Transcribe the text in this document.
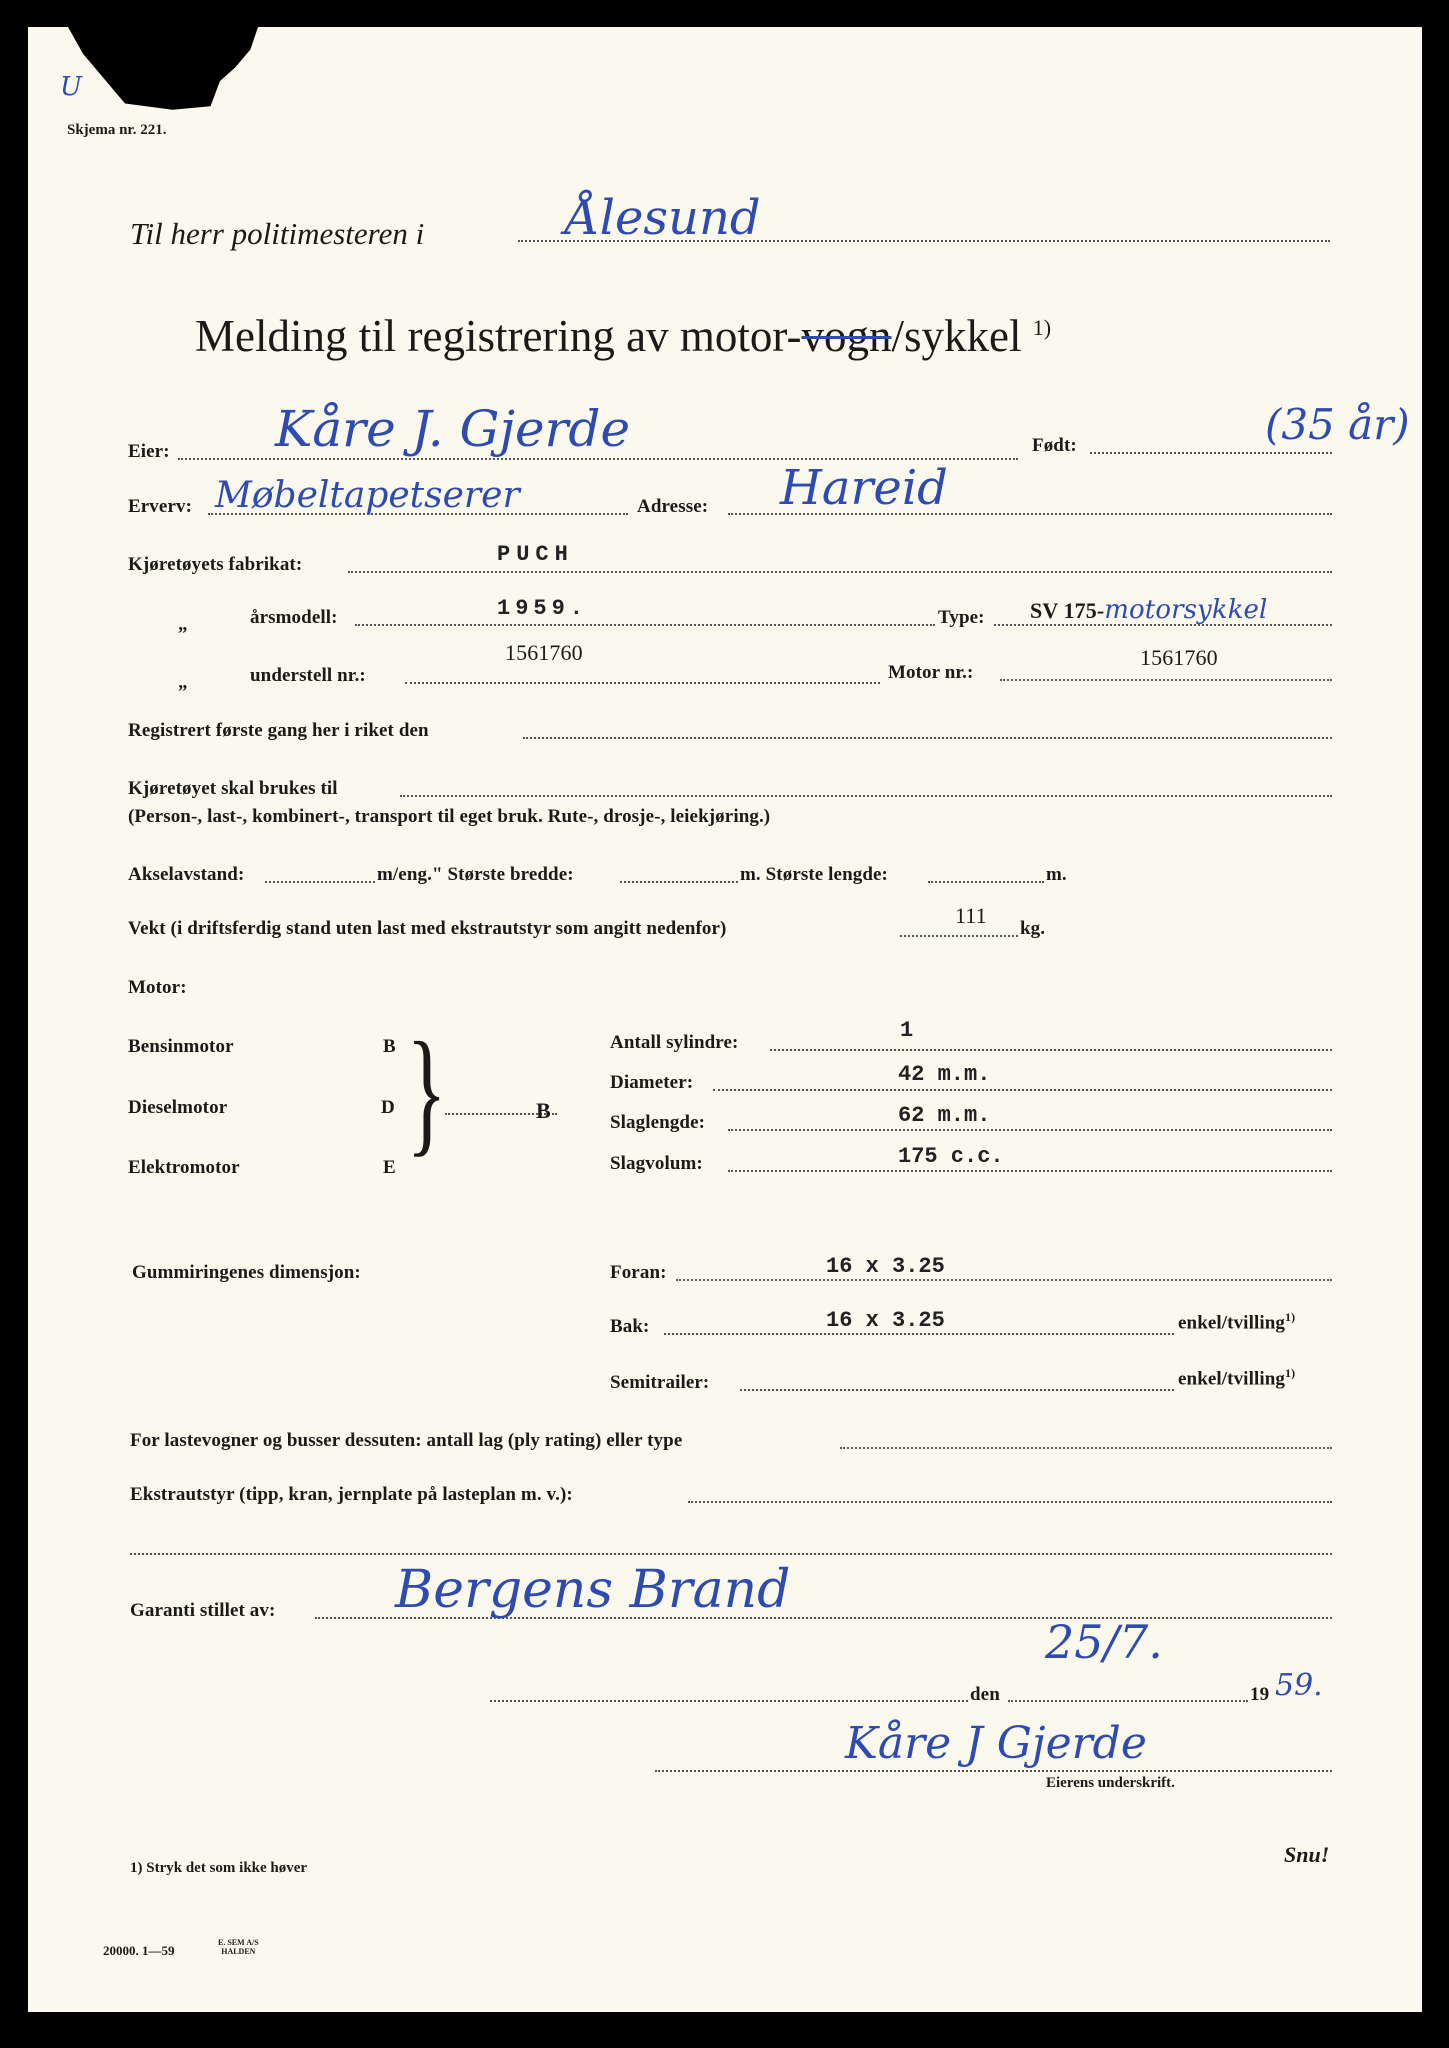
U
Skjema nr. 221.
Til herr politimesteren i	Ålesund
Melding til registrering av motor-vogn/sykkel $^{1)}$
Eier: Kåre J. Gjerde	Født:	(35 år)
Erverv: Møbeltapetserer	Adresse: Hareid
Kjøretøyets fabrikat:	PUCH
„	årsmodell:	1959.	Type: SV 175-motorsykkel
„	understell nr.:
1561760
Motor nr.:
1561760
Registrert første gang her i riket den
Kjøretøyet skal brukes til
(Person-, last-, kombinert-, transport til eget bruk. Rute-, drosje-, leiekjøring.)
Akselavstand:	m/eng." Største bredde:	m. Største lengde:	m.
Vekt (i driftsferdig stand uten last med ekstrautstyr som angitt nedenfor)
111
kg.
Motor:
Bensinmotor	B
Dieselmotor	D
Elektromotor	E }	B
Antall sylindre:	1
Diameter:	42 m.m.
Slaglengde:	62 m.m.
Slagvolum:	175 c.c.
Gummiringenes dimensjon:	Foran:	16 x 3.25
Bak:	16 x 3.25	enkel/tvilling$^{1)}$
Semitrailer:	enkel/tvilling$^{1)}$
For lastevogner og busser dessuten: antall lag (ply rating) eller type
Ekstrautstyr (tipp, kran, jernplate på lasteplan m. v.):
Garanti stillet av: Bergens Brand
den
25/7.
19 59.
Kåre J Gjerde
Eierens underskrift.
1) Stryk det som ikke høver
Snu!
20000. 1—59
E. SEM A/S
HALDEN
